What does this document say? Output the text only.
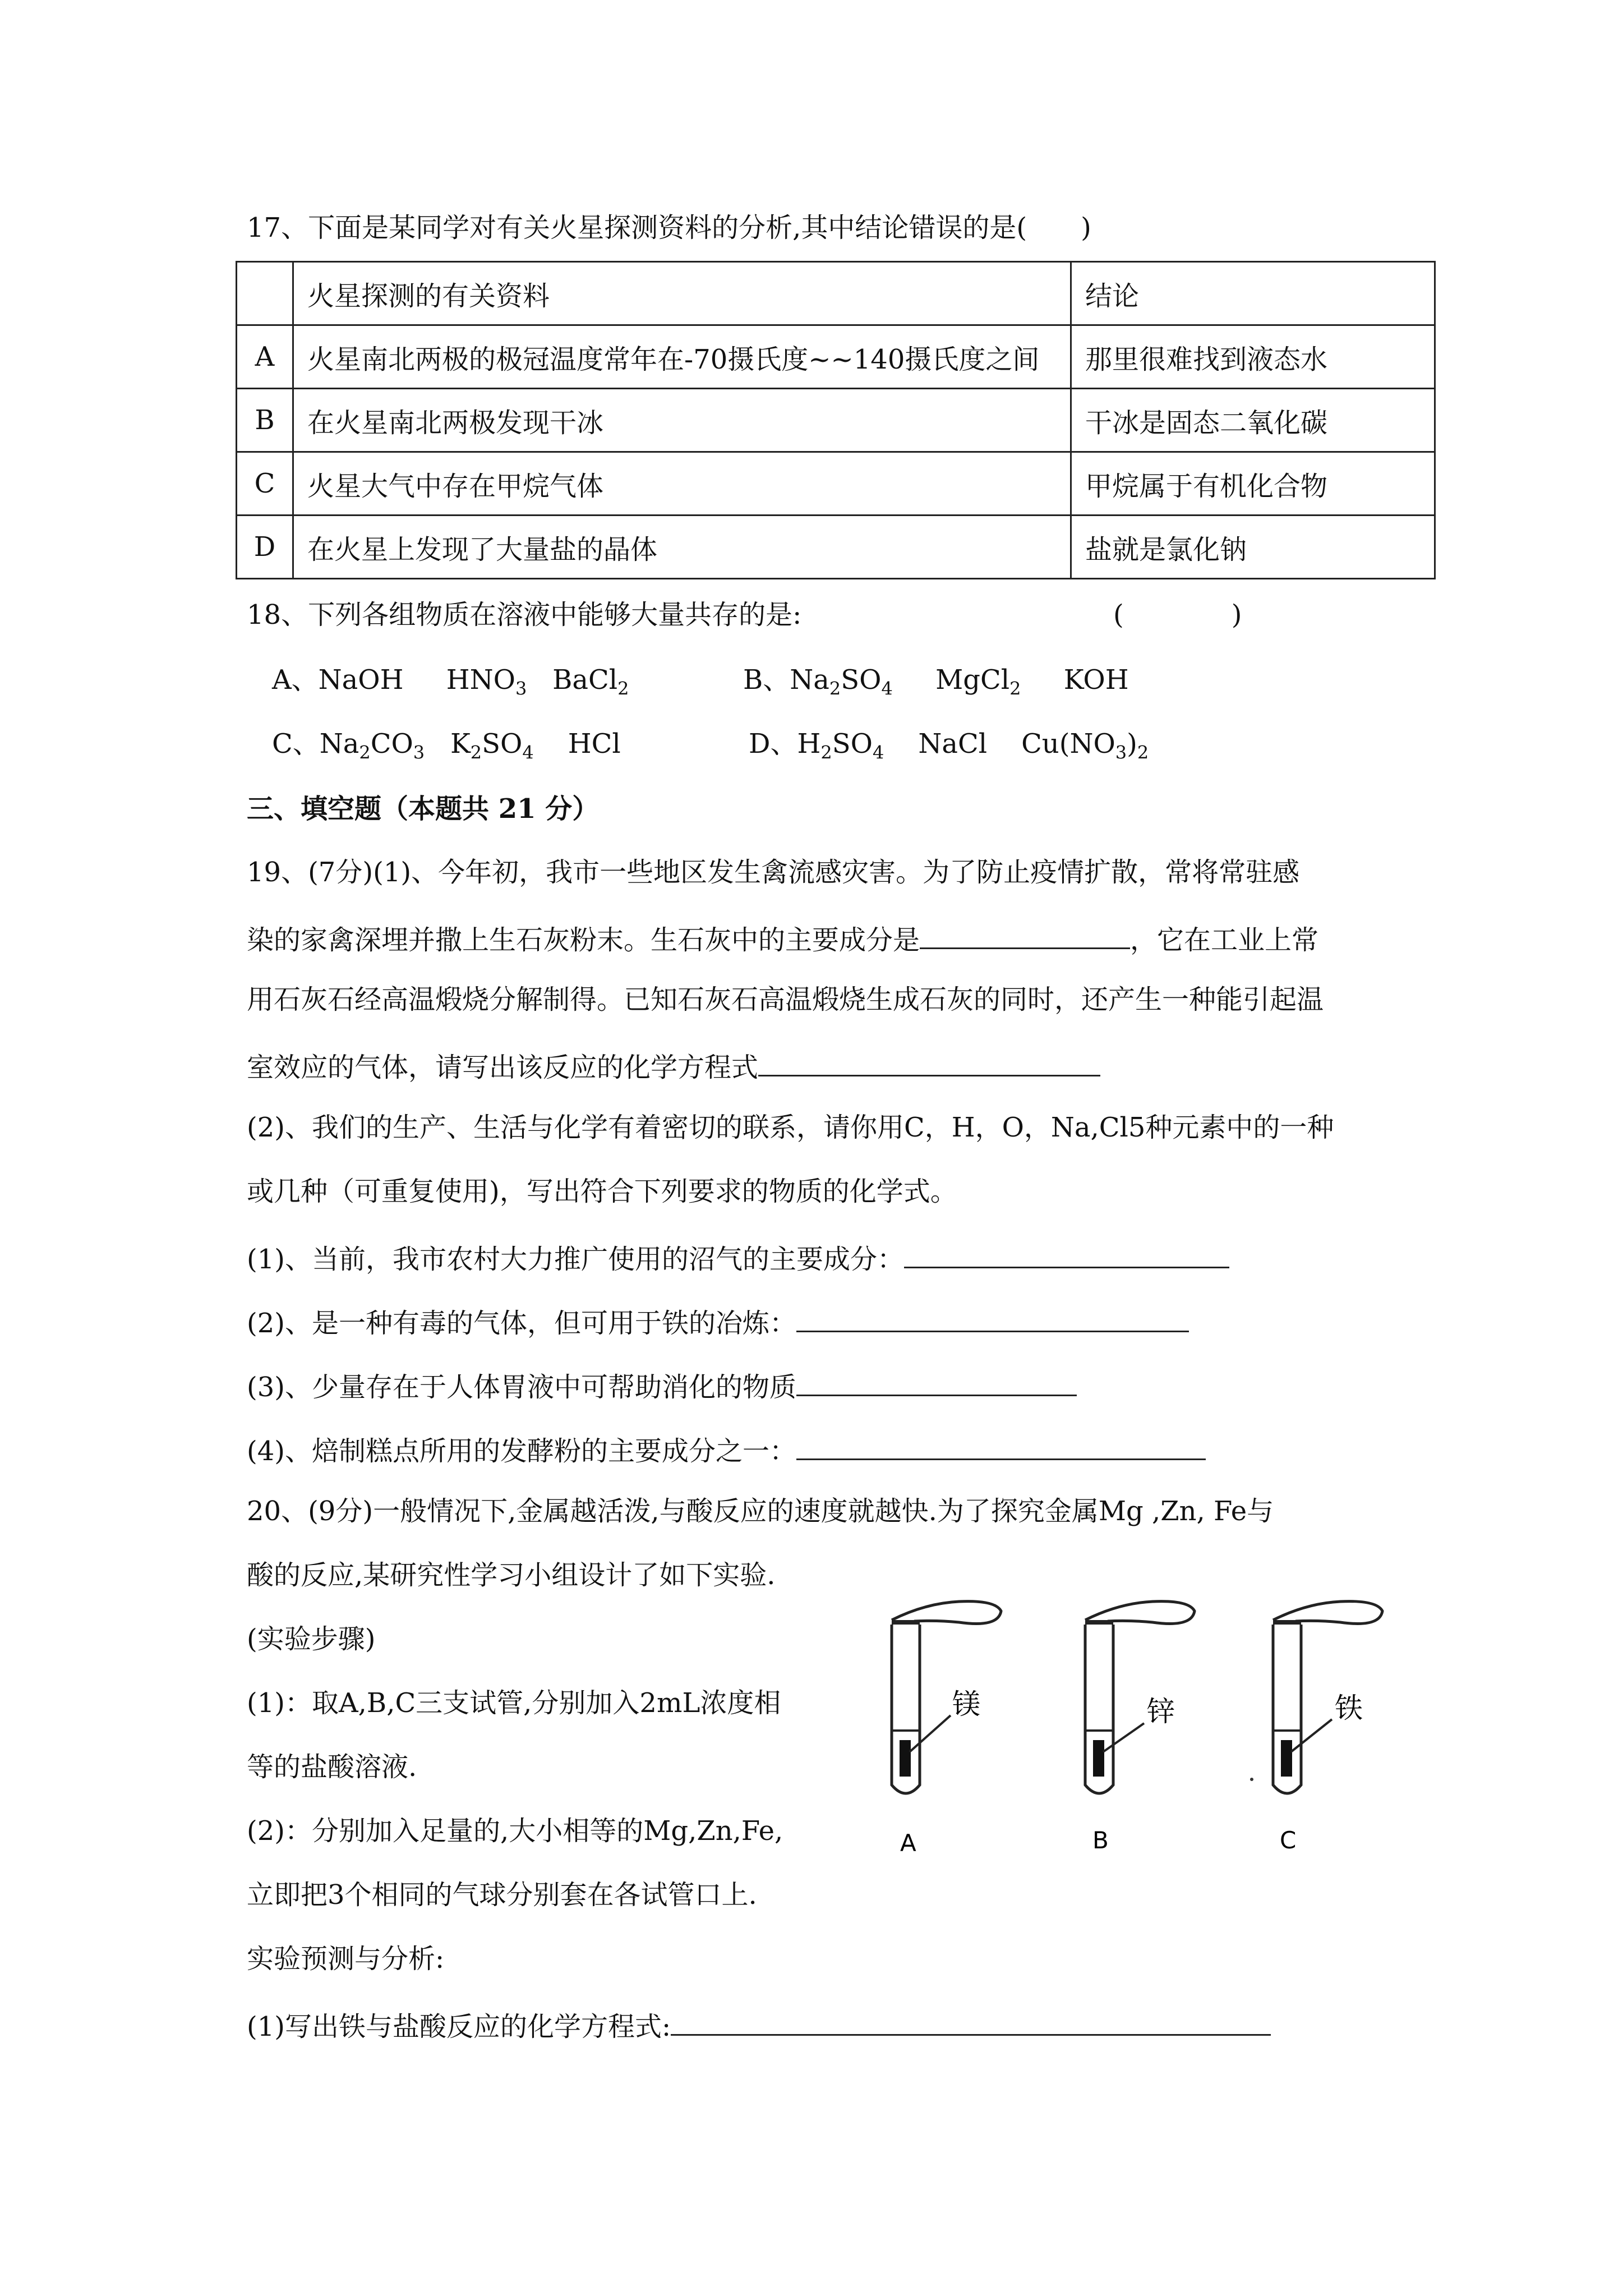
17、下面是某同学对有关火星探测资料的分析,其中结论错误的是(　　)
	火星探测的有关资料	结论
A	火星南北两极的极冠温度常年在-70摄氏度~~140摄氏度之间	那里很难找到液态水
B	在火星南北两极发现干冰	干冰是固态二氧化碳
C	火星大气中存在甲烷气体	甲烷属于有机化合物
D	在火星上发现了大量盐的晶体	盐就是氯化钠
18、下列各组物质在溶液中能够大量共存的是:	(　　　　)
A、NaOH $HNO_3$ BaCl$_2$	B、$Na_2SO_4$ MgCl$_2$ KOH
C、$Na_2CO_3$ $K_2SO_4$ HCl	D、$H_2SO_4$ NaCl $Cu(NO_3)_2$
三、填空题（本题共 21 分）
19、(7分)(1)、今年初，我市一些地区发生禽流感灾害。为了防止疫情扩散，常将常驻感
染的家禽深埋并撒上生石灰粉末。生石灰中的主要成分是	，它在工业上常
用石灰石经高温煅烧分解制得。已知石灰石高温煅烧生成石灰的同时，还产生一种能引起温
室效应的气体，请写出该反应的化学方程式
(2)、我们的生产、生活与化学有着密切的联系，请你用C，H，O，Na,Cl5种元素中的一种
或几种（可重复使用)，写出符合下列要求的物质的化学式。
(1)、当前，我市农村大力推广使用的沼气的主要成分：
(2)、是一种有毒的气体，但可用于铁的冶炼：
(3)、少量存在于人体胃液中可帮助消化的物质
(4)、焙制糕点所用的发酵粉的主要成分之一：
20、(9分)一般情况下,金属越活泼,与酸反应的速度就越快.为了探究金属Mg ,Zn, Fe与
酸的反应,某研究性学习小组设计了如下实验.
(实验步骤)
(1)：取A,B,C三支试管,分别加入2mL浓度相
等的盐酸溶液.
(2)：分别加入足量的,大小相等的Mg,Zn,Fe,
立即把3个相同的气球分别套在各试管口上.
实验预测与分析:
(1)写出铁与盐酸反应的化学方程式:
镁
A
锌
B
铁
C
